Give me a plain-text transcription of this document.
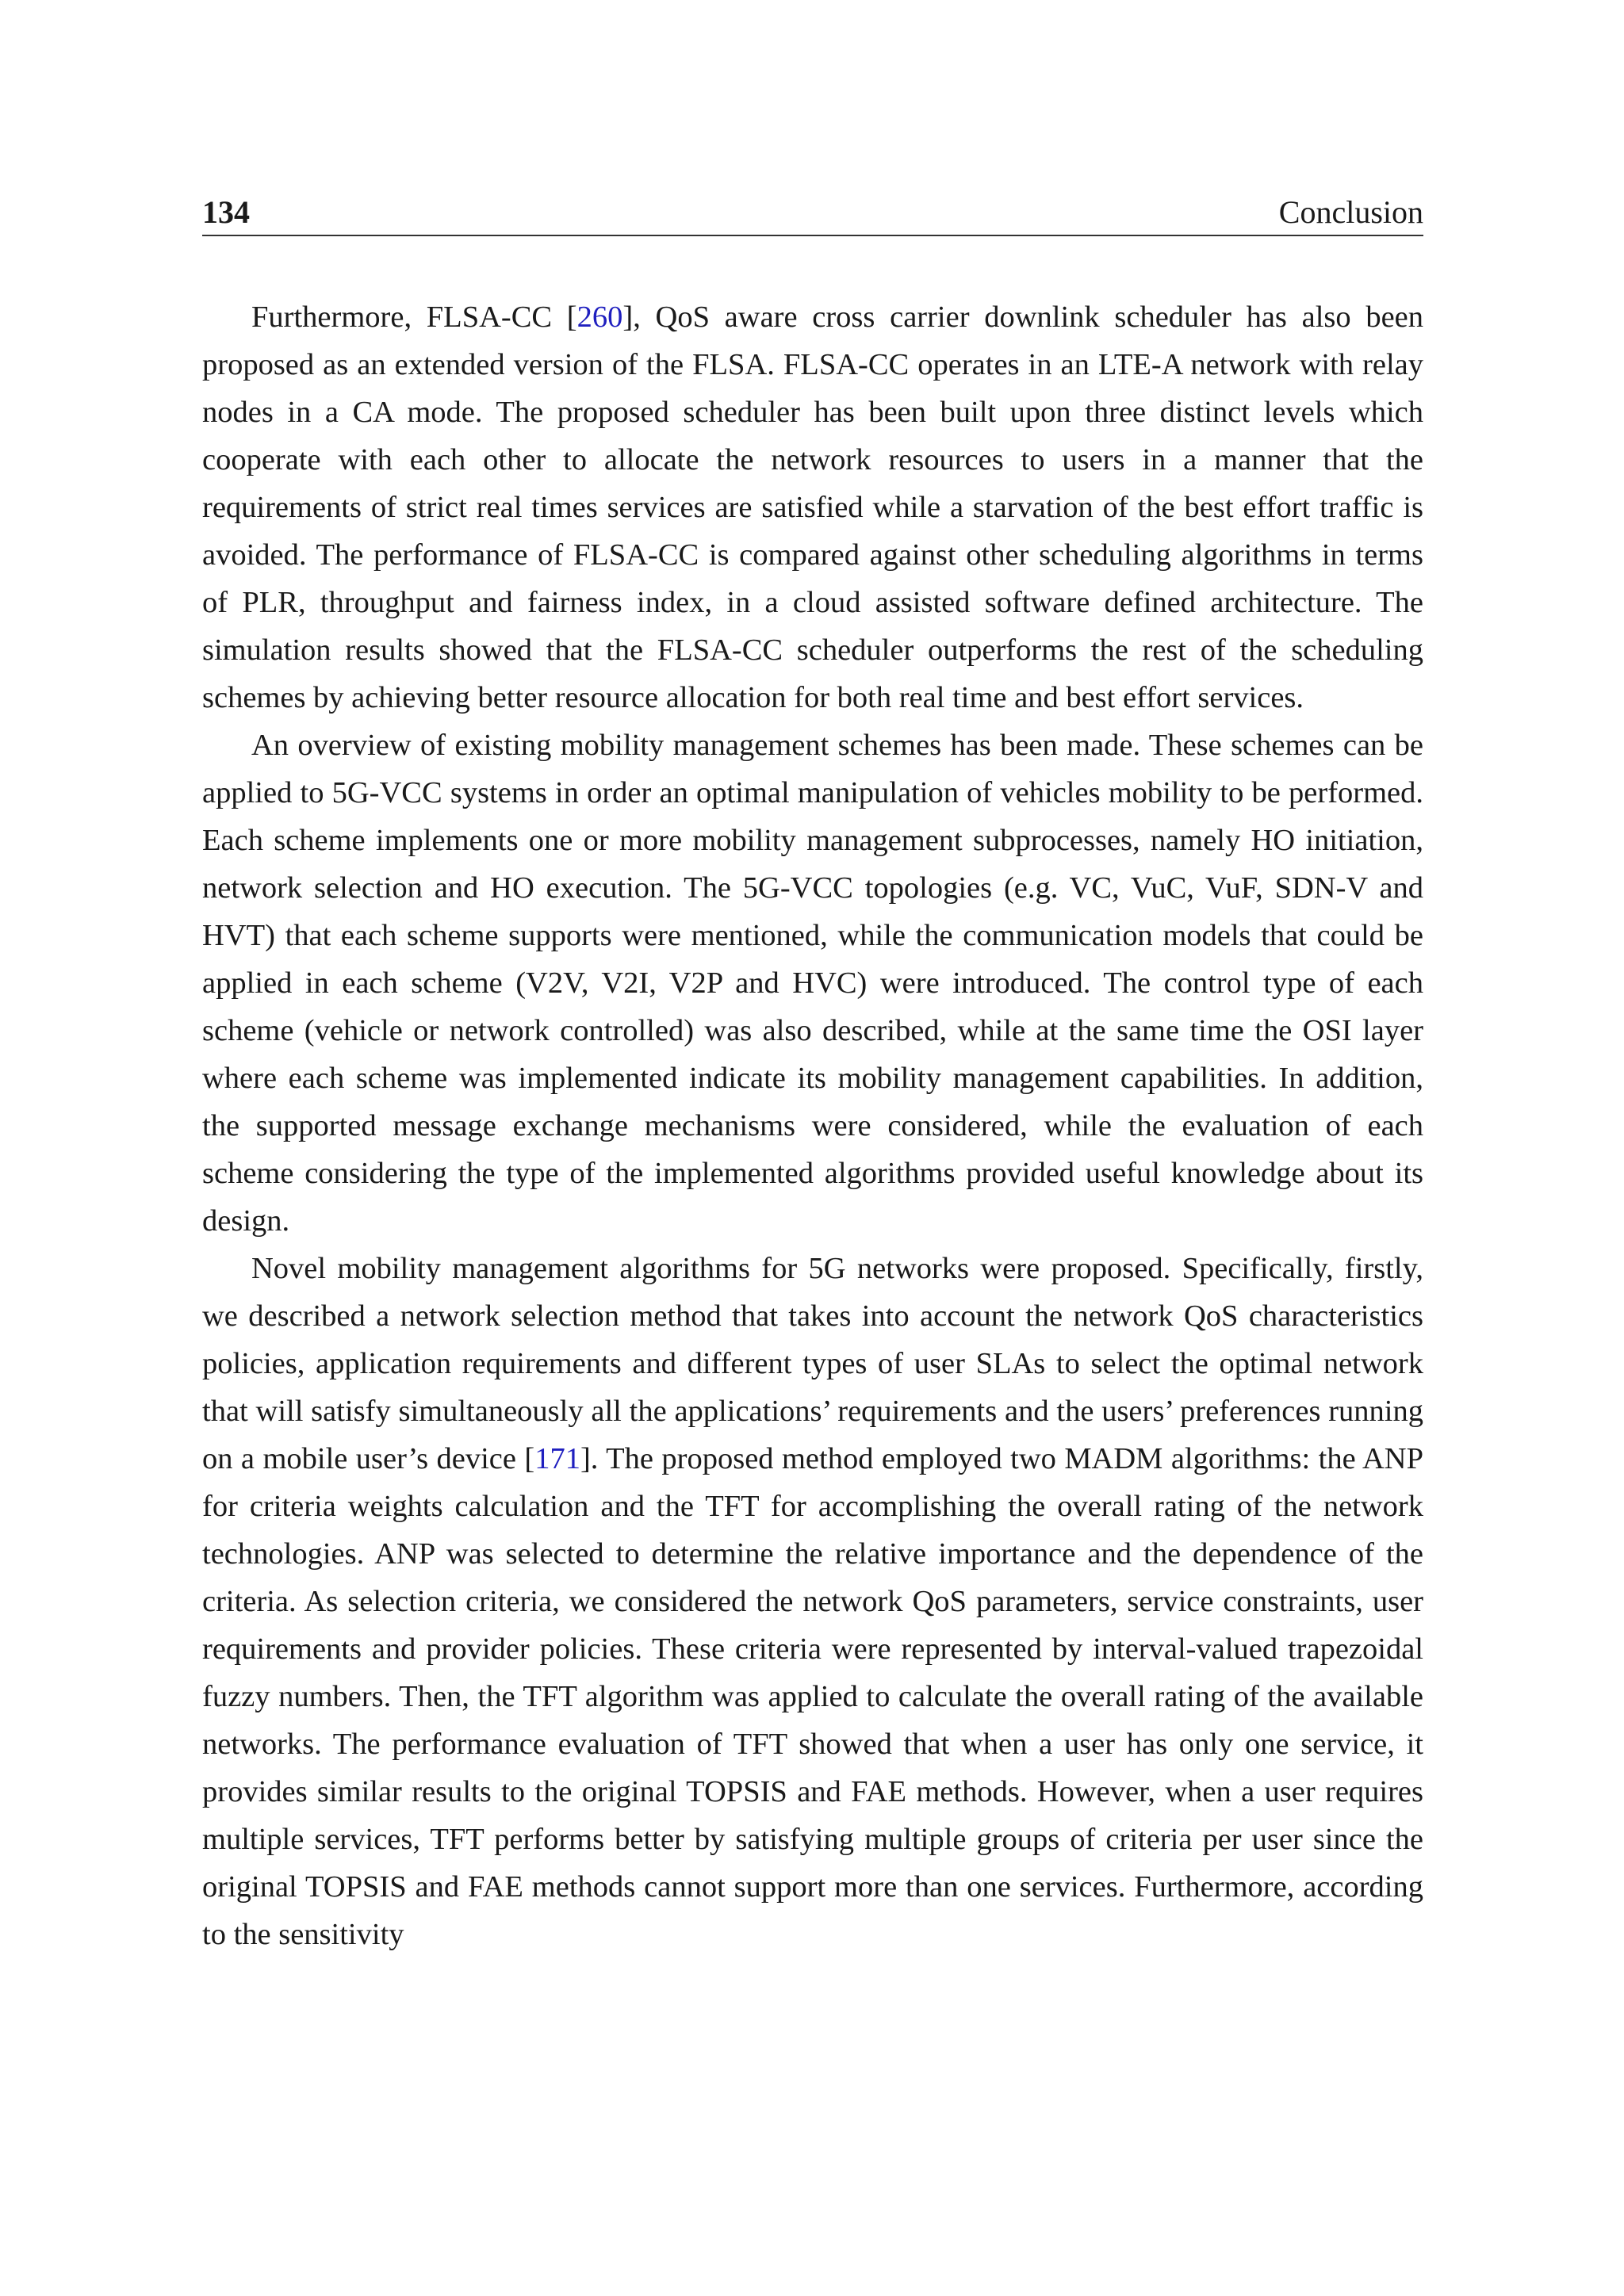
134	Conclusion

Furthermore, FLSA-CC [260], QoS aware cross carrier downlink scheduler has also been proposed as an extended version of the FLSA. FLSA-CC operates in an LTE-A network with relay nodes in a CA mode. The proposed scheduler has been built upon three distinct levels which cooperate with each other to allocate the network resources to users in a manner that the requirements of strict real times services are satisfied while a starvation of the best effort traffic is avoided. The performance of FLSA-CC is compared against other scheduling algorithms in terms of PLR, throughput and fairness index, in a cloud assisted software defined architecture. The simulation results showed that the FLSA-CC scheduler outperforms the rest of the scheduling schemes by achieving better resource allocation for both real time and best effort services.

An overview of existing mobility management schemes has been made. These schemes can be applied to 5G-VCC systems in order an optimal manipulation of vehicles mobility to be performed. Each scheme implements one or more mobility management subprocesses, namely HO initiation, network selection and HO execution. The 5G-VCC topologies (e.g. VC, VuC, VuF, SDN-V and HVT) that each scheme supports were mentioned, while the communication models that could be applied in each scheme (V2V, V2I, V2P and HVC) were introduced. The control type of each scheme (vehicle or network controlled) was also described, while at the same time the OSI layer where each scheme was implemented indicate its mobility management capabilities. In addition, the supported message exchange mechanisms were considered, while the evaluation of each scheme considering the type of the implemented algorithms provided useful knowledge about its design.

Novel mobility management algorithms for 5G networks were proposed. Specifically, firstly, we described a network selection method that takes into account the network QoS characteristics policies, application requirements and different types of user SLAs to select the optimal network that will satisfy simultaneously all the applications’ requirements and the users’ preferences running on a mobile user’s device [171]. The proposed method employed two MADM algorithms: the ANP for criteria weights calculation and the TFT for accomplishing the overall rating of the network technologies. ANP was selected to determine the relative importance and the dependence of the criteria. As selection criteria, we considered the network QoS parameters, service constraints, user requirements and provider policies. These criteria were represented by interval-valued trapezoidal fuzzy numbers. Then, the TFT algorithm was applied to calculate the overall rating of the available networks. The performance evaluation of TFT showed that when a user has only one service, it provides similar results to the original TOPSIS and FAE methods. However, when a user requires multiple services, TFT performs better by satisfying multiple groups of criteria per user since the original TOPSIS and FAE methods cannot support more than one services. Furthermore, according to the sensitivity
